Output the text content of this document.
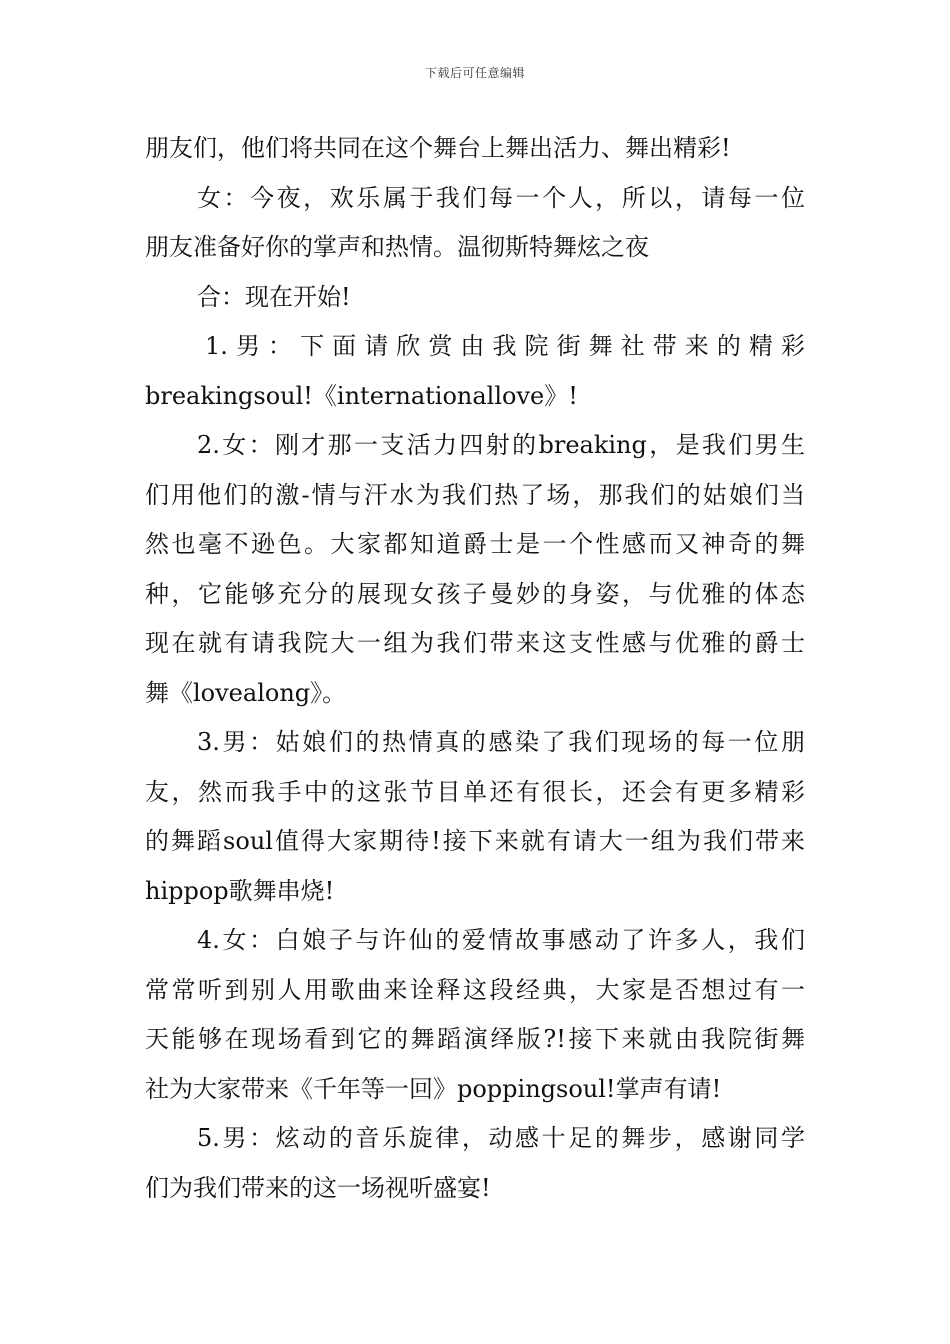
下载后可任意编辑
朋友们，他们将共同在这个舞台上舞出活力、舞出精彩!
女：今夜，欢乐属于我们每一个人，所以，请每一位
朋友准备好你的掌声和热情。温彻斯特舞炫之夜
合：现在开始!
1.男：下面请欣赏由我院街舞社带来的精彩
breakingsoul!《internationallove》!
2.女：刚才那一支活力四射的breaking，是我们男生
们用他们的激-情与汗水为我们热了场，那我们的姑娘们当
然也毫不逊色。大家都知道爵士是一个性感而又神奇的舞
种，它能够充分的展现女孩子曼妙的身姿，与优雅的体态
现在就有请我院大一组为我们带来这支性感与优雅的爵士
舞《lovealong》。
3.男：姑娘们的热情真的感染了我们现场的每一位朋
友，然而我手中的这张节目单还有很长，还会有更多精彩
的舞蹈soul值得大家期待!接下来就有请大一组为我们带来
hippop歌舞串烧!
4.女：白娘子与许仙的爱情故事感动了许多人，我们
常常听到别人用歌曲来诠释这段经典，大家是否想过有一
天能够在现场看到它的舞蹈演绎版?!接下来就由我院街舞
社为大家带来《千年等一回》poppingsoul!掌声有请!
5.男：炫动的音乐旋律，动感十足的舞步，感谢同学
们为我们带来的这一场视听盛宴!
